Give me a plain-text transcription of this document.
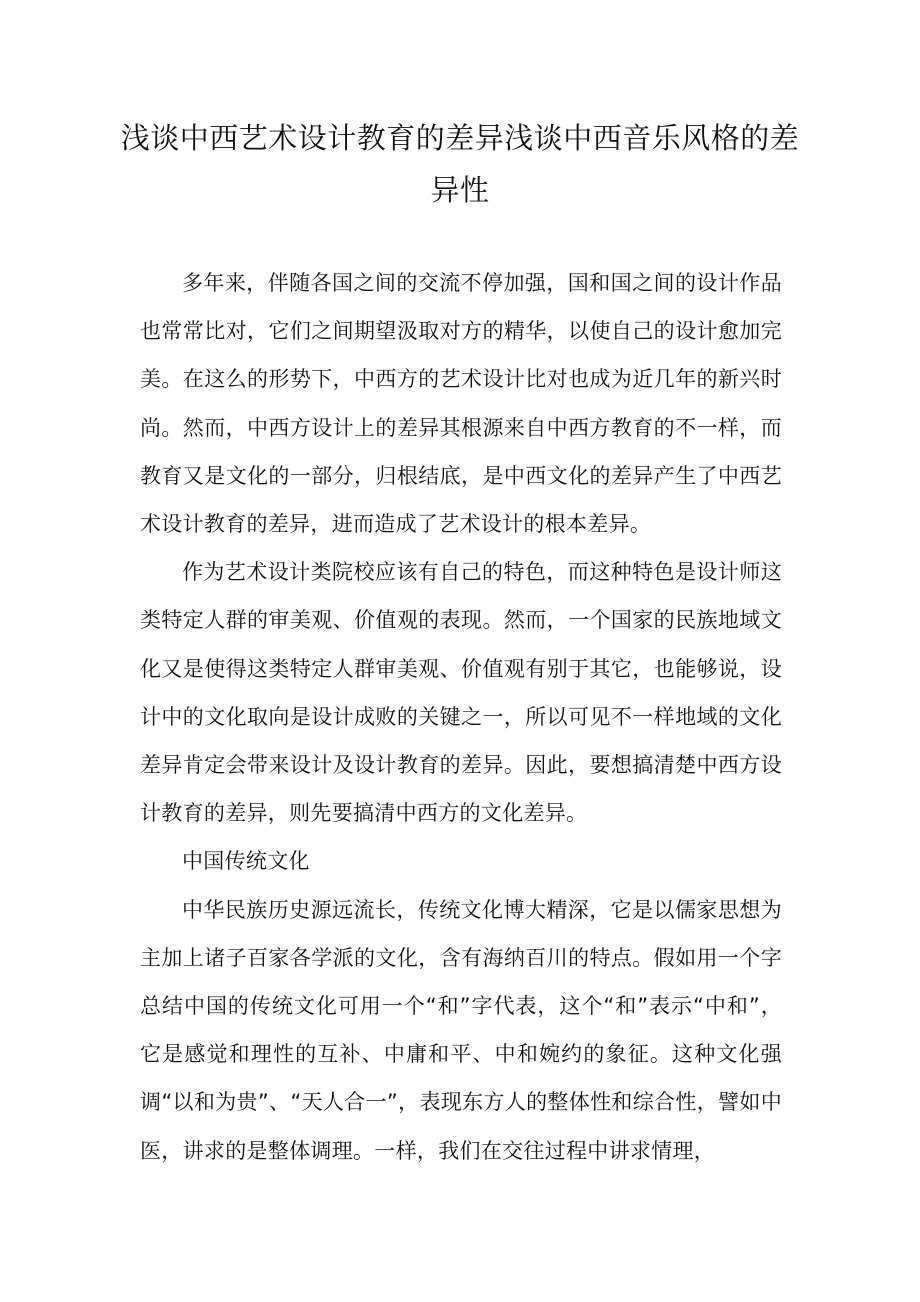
浅谈中西艺术设计教育的差异浅谈中西音乐风格的差异性

多年来，伴随各国之间的交流不停加强，国和国之间的设计作品也常常比对，它们之间期望汲取对方的精华，以使自己的设计愈加完美。在这么的形势下，中西方的艺术设计比对也成为近几年的新兴时尚。然而，中西方设计上的差异其根源来自中西方教育的不一样，而教育又是文化的一部分，归根结底，是中西文化的差异产生了中西艺术设计教育的差异，进而造成了艺术设计的根本差异。

作为艺术设计类院校应该有自己的特色，而这种特色是设计师这类特定人群的审美观、价值观的表现。然而，一个国家的民族地域文化又是使得这类特定人群审美观、价值观有别于其它，也能够说，设计中的文化取向是设计成败的关键之一，所以可见不一样地域的文化差异肯定会带来设计及设计教育的差异。因此，要想搞清楚中西方设计教育的差异，则先要搞清中西方的文化差异。

中国传统文化

中华民族历史源远流长，传统文化博大精深，它是以儒家思想为主加上诸子百家各学派的文化，含有海纳百川的特点。假如用一个字总结中国的传统文化可用一个“和”字代表，这个“和”表示“中和”，它是感觉和理性的互补、中庸和平、中和婉约的象征。这种文化强调“以和为贵”、“天人合一”，表现东方人的整体性和综合性，譬如中医，讲求的是整体调理。一样，我们在交往过程中讲求情理，
